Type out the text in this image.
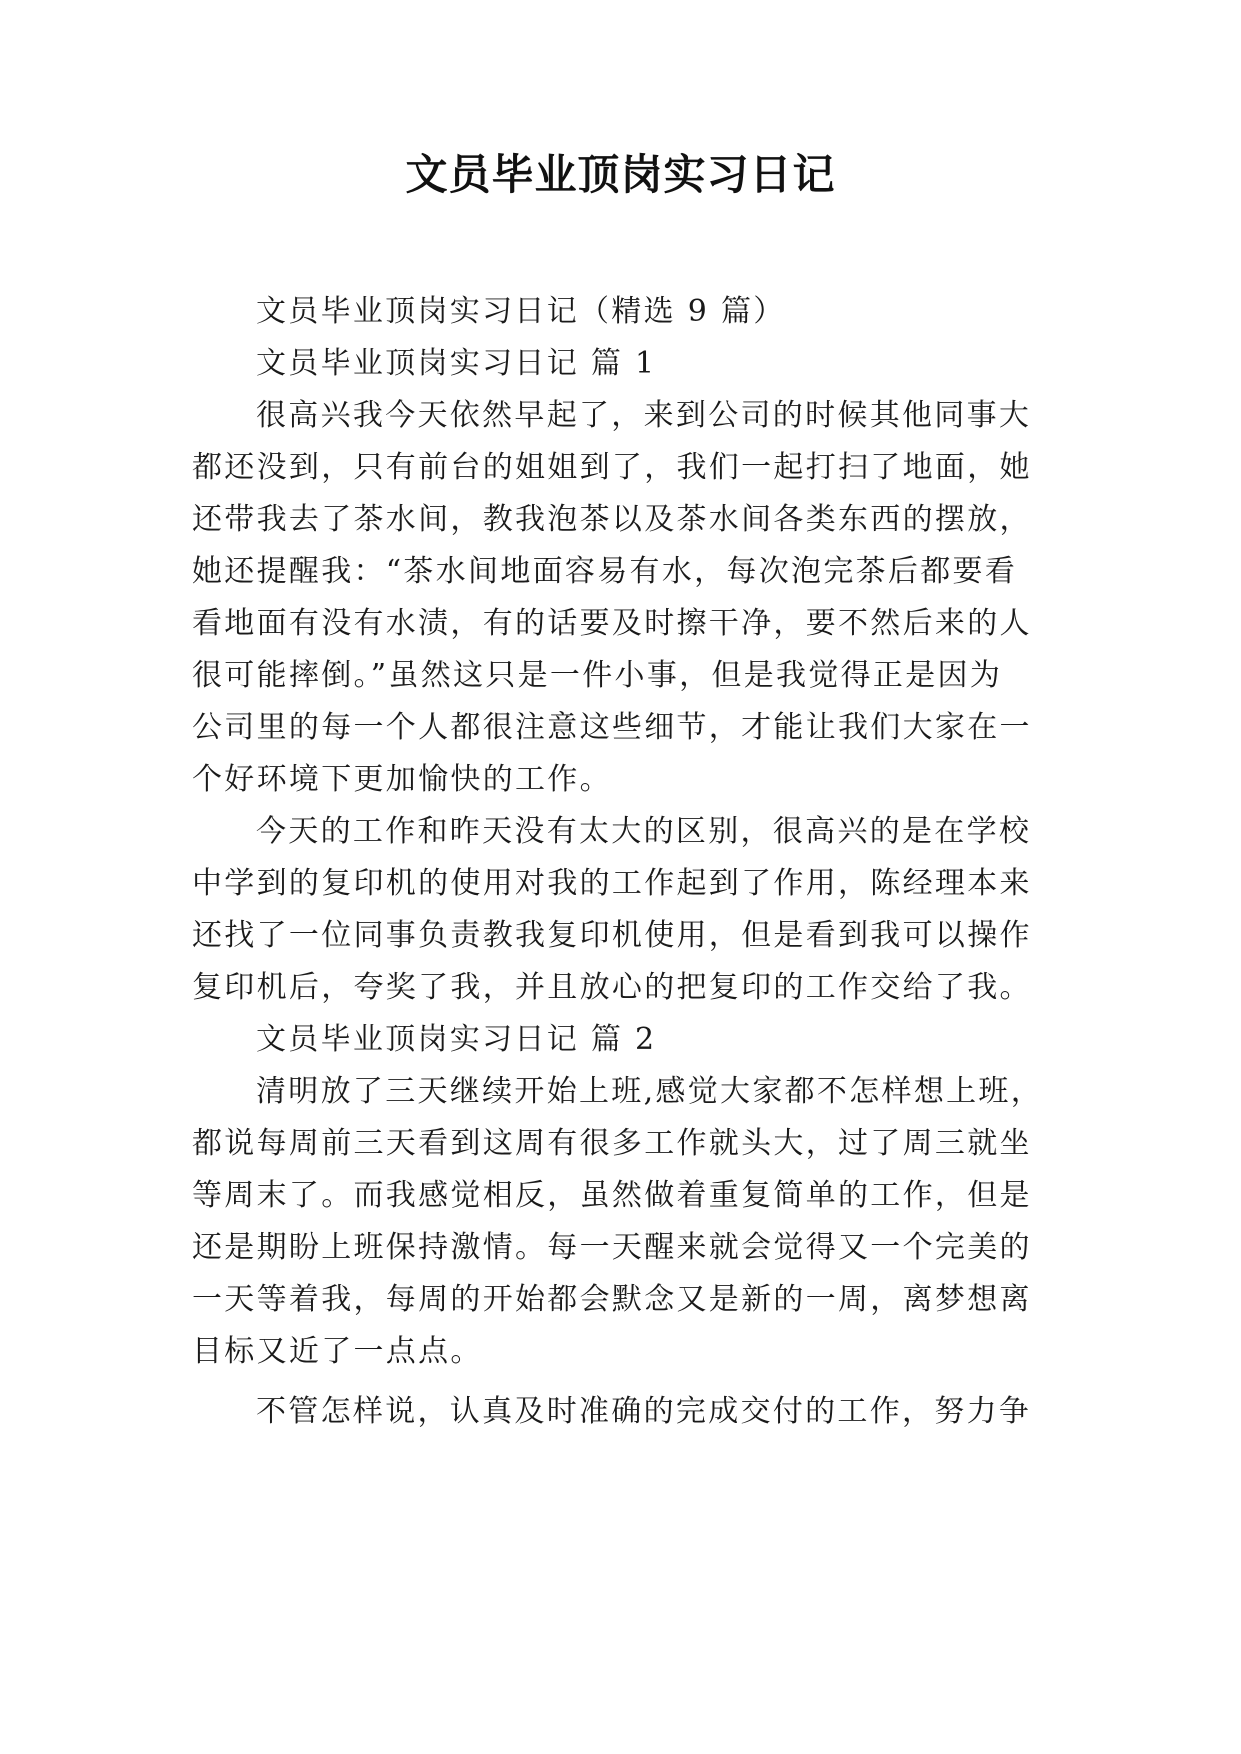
文员毕业顶岗实习日记
文员毕业顶岗实习日记（精选 9 篇）
文员毕业顶岗实习日记 篇 1
很高兴我今天依然早起了，来到公司的时候其他同事大
都还没到，只有前台的姐姐到了，我们一起打扫了地面，她
还带我去了茶水间，教我泡茶以及茶水间各类东西的摆放，
她还提醒我：“茶水间地面容易有水，每次泡完茶后都要看
看地面有没有水渍，有的话要及时擦干净，要不然后来的人
很可能摔倒。”虽然这只是一件小事，但是我觉得正是因为
公司里的每一个人都很注意这些细节，才能让我们大家在一
个好环境下更加愉快的工作。
今天的工作和昨天没有太大的区别，很高兴的是在学校
中学到的复印机的使用对我的工作起到了作用，陈经理本来
还找了一位同事负责教我复印机使用，但是看到我可以操作
复印机后，夸奖了我，并且放心的把复印的工作交给了我。
文员毕业顶岗实习日记 篇 2
清明放了三天继续开始上班,感觉大家都不怎样想上班，
都说每周前三天看到这周有很多工作就头大，过了周三就坐
等周末了。而我感觉相反，虽然做着重复简单的工作，但是
还是期盼上班保持激情。每一天醒来就会觉得又一个完美的
一天等着我，每周的开始都会默念又是新的一周，离梦想离
目标又近了一点点。
不管怎样说，认真及时准确的完成交付的工作，努力争
